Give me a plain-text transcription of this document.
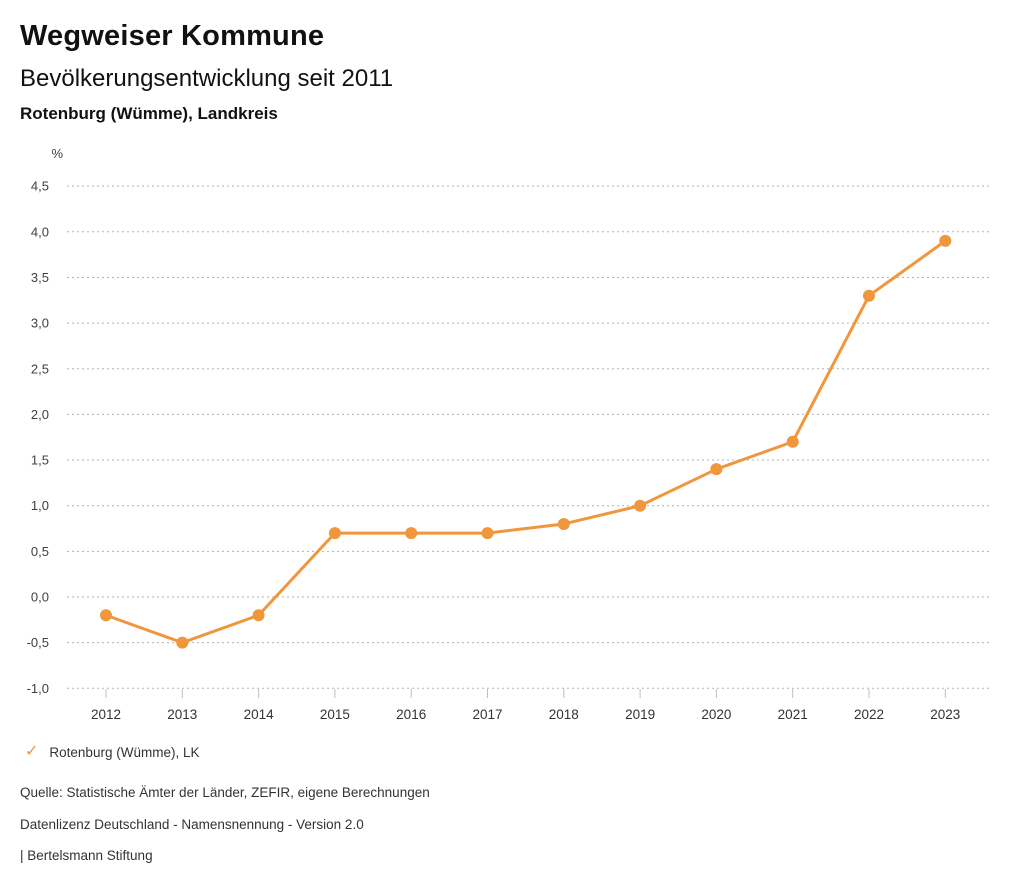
Wegweiser Kommune
Bevölkerungsentwicklung seit 2011
Rotenburg (Wümme), Landkreis
%
4,5
4,0
3,5
3,0
2,5
2,0
1,5
1,0
0,5
0,0
-0,5
-1,0
2012	2013	2014	2015	2016	2017	2018	2019	2020	2021	2022	2023
✓ Rotenburg (Wümme), LK
Quelle: Statistische Ämter der Länder, ZEFIR, eigene Berechnungen
Datenlizenz Deutschland - Namensnennung - Version 2.0
| Bertelsmann Stiftung
